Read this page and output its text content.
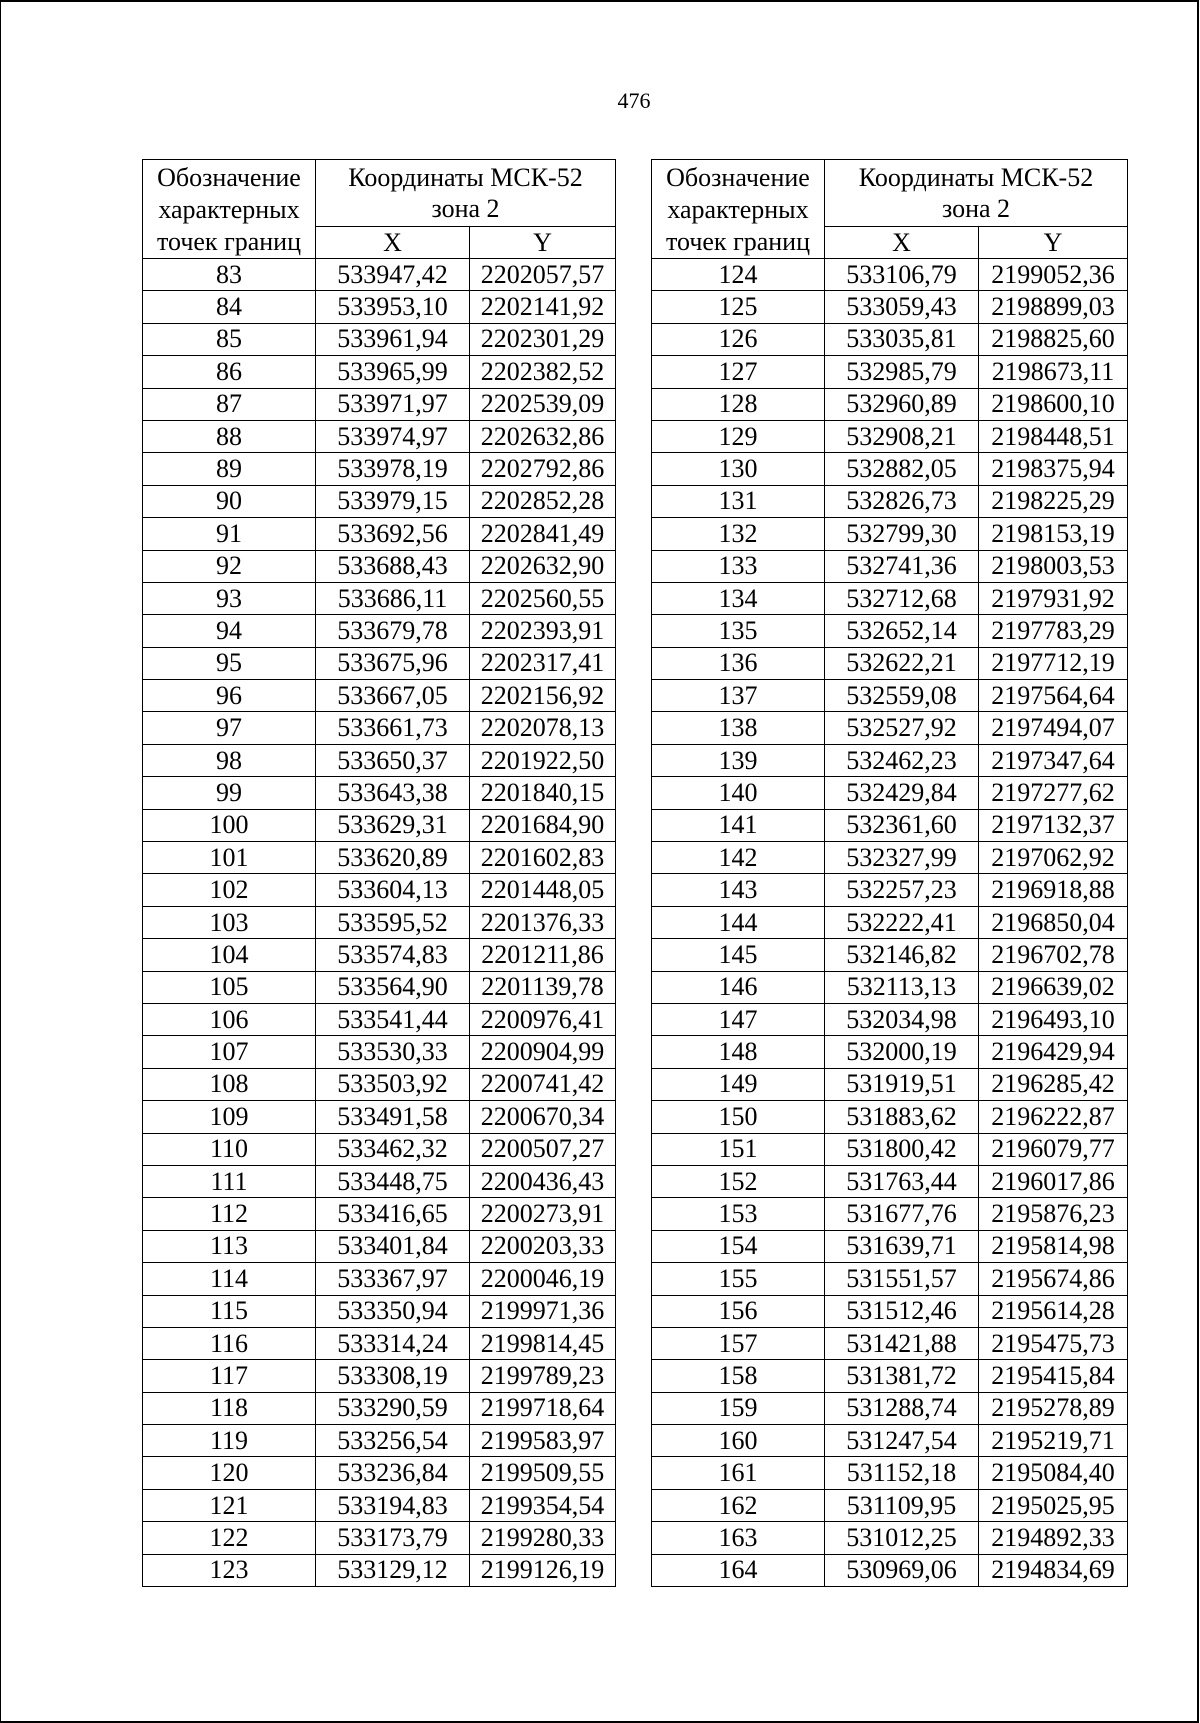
476
Обозначение
характерных
точек границ	Координаты МСК-52
зона 2	
	X	Y
83	533947,42	2202057,57
84	533953,10	2202141,92
85	533961,94	2202301,29
86	533965,99	2202382,52
87	533971,97	2202539,09
88	533974,97	2202632,86
89	533978,19	2202792,86
90	533979,15	2202852,28
91	533692,56	2202841,49
92	533688,43	2202632,90
93	533686,11	2202560,55
94	533679,78	2202393,91
95	533675,96	2202317,41
96	533667,05	2202156,92
97	533661,73	2202078,13
98	533650,37	2201922,50
99	533643,38	2201840,15
100	533629,31	2201684,90
101	533620,89	2201602,83
102	533604,13	2201448,05
103	533595,52	2201376,33
104	533574,83	2201211,86
105	533564,90	2201139,78
106	533541,44	2200976,41
107	533530,33	2200904,99
108	533503,92	2200741,42
109	533491,58	2200670,34
110	533462,32	2200507,27
111	533448,75	2200436,43
112	533416,65	2200273,91
113	533401,84	2200203,33
114	533367,97	2200046,19
115	533350,94	2199971,36
116	533314,24	2199814,45
117	533308,19	2199789,23
118	533290,59	2199718,64
119	533256,54	2199583,97
120	533236,84	2199509,55
121	533194,83	2199354,54
122	533173,79	2199280,33
123	533129,12	2199126,19
Обозначение
характерных
точек границ	Координаты МСК-52
зона 2	
	X	Y
124	533106,79	2199052,36
125	533059,43	2198899,03
126	533035,81	2198825,60
127	532985,79	2198673,11
128	532960,89	2198600,10
129	532908,21	2198448,51
130	532882,05	2198375,94
131	532826,73	2198225,29
132	532799,30	2198153,19
133	532741,36	2198003,53
134	532712,68	2197931,92
135	532652,14	2197783,29
136	532622,21	2197712,19
137	532559,08	2197564,64
138	532527,92	2197494,07
139	532462,23	2197347,64
140	532429,84	2197277,62
141	532361,60	2197132,37
142	532327,99	2197062,92
143	532257,23	2196918,88
144	532222,41	2196850,04
145	532146,82	2196702,78
146	532113,13	2196639,02
147	532034,98	2196493,10
148	532000,19	2196429,94
149	531919,51	2196285,42
150	531883,62	2196222,87
151	531800,42	2196079,77
152	531763,44	2196017,86
153	531677,76	2195876,23
154	531639,71	2195814,98
155	531551,57	2195674,86
156	531512,46	2195614,28
157	531421,88	2195475,73
158	531381,72	2195415,84
159	531288,74	2195278,89
160	531247,54	2195219,71
161	531152,18	2195084,40
162	531109,95	2195025,95
163	531012,25	2194892,33
164	530969,06	2194834,69
